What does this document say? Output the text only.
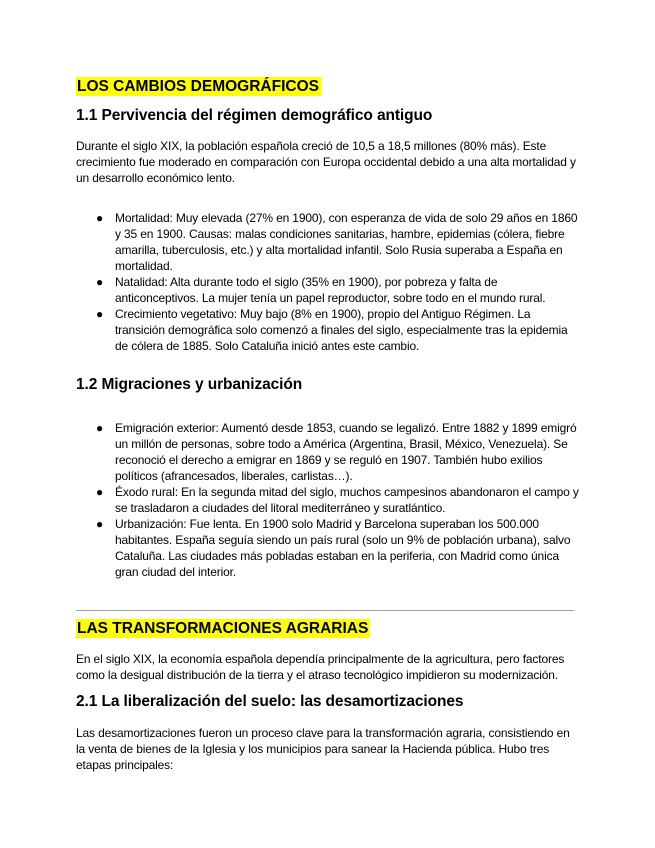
LOS CAMBIOS DEMOGRÁFICOS
1.1 Pervivencia del régimen demográfico antiguo

Durante el siglo XIX, la población española creció de 10,5 a 18,5 millones (80% más). Este crecimiento fue moderado en comparación con Europa occidental debido a una alta mortalidad y un desarrollo económico lento.

● Mortalidad: Muy elevada (27% en 1900), con esperanza de vida de solo 29 años en 1860 y 35 en 1900. Causas: malas condiciones sanitarias, hambre, epidemias (cólera, fiebre amarilla, tuberculosis, etc.) y alta mortalidad infantil. Solo Rusia superaba a España en mortalidad.
● Natalidad: Alta durante todo el siglo (35% en 1900), por pobreza y falta de anticonceptivos. La mujer tenía un papel reproductor, sobre todo en el mundo rural.
● Crecimiento vegetativo: Muy bajo (8% en 1900), propio del Antiguo Régimen. La transición demográfica solo comenzó a finales del siglo, especialmente tras la epidemia de cólera de 1885. Solo Cataluña inició antes este cambio.
1.2 Migraciones y urbanización
● Emigración exterior: Aumentó desde 1853, cuando se legalizó. Entre 1882 y 1899 emigró un millón de personas, sobre todo a América (Argentina, Brasil, México, Venezuela). Se reconoció el derecho a emigrar en 1869 y se reguló en 1907. También hubo exilios políticos (afrancesados, liberales, carlistas…).
● Éxodo rural: En la segunda mitad del siglo, muchos campesinos abandonaron el campo y se trasladaron a ciudades del litoral mediterráneo y suratlántico.
● Urbanización: Fue lenta. En 1900 solo Madrid y Barcelona superaban los 500.000 habitantes. España seguía siendo un país rural (solo un 9% de población urbana), salvo Cataluña. Las ciudades más pobladas estaban en la periferia, con Madrid como única gran ciudad del interior.
LAS TRANSFORMACIONES AGRARIAS

En el siglo XIX, la economía española dependía principalmente de la agricultura, pero factores como la desigual distribución de la tierra y el atraso tecnológico impidieron su modernización.

2.1 La liberalización del suelo: las desamortizaciones

Las desamortizaciones fueron un proceso clave para la transformación agraria, consistiendo en la venta de bienes de la Iglesia y los municipios para sanear la Hacienda pública. Hubo tres etapas principales:
